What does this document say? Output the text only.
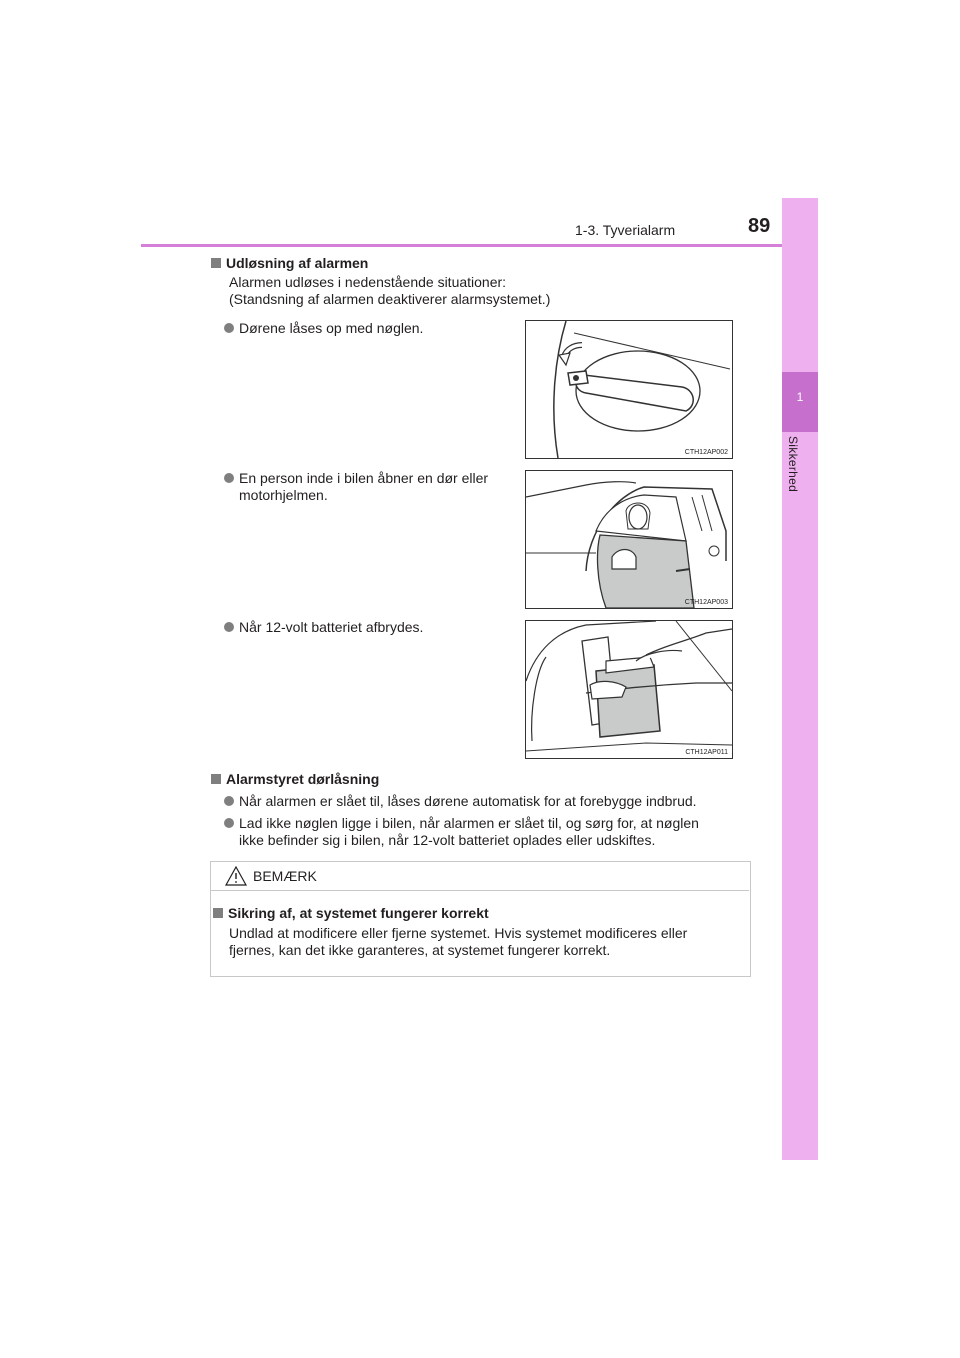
1-3. Tyverialarm	89
1
Sikkerhed
Udløsning af alarmen
Alarmen udløses i nedenstående situationer:
(Standsning af alarmen deaktiverer alarmsystemet.)
Dørene låses op med nøglen.
CTH12AP002
En person inde i bilen åbner en dør eller
motorhjelmen.
CTH12AP003
Når 12-volt batteriet afbrydes.
CTH12AP011
Alarmstyret dørlåsning
Når alarmen er slået til, låses dørene automatisk for at forebygge indbrud.
Lad ikke nøglen ligge i bilen, når alarmen er slået til, og sørg for, at nøglen
ikke befinder sig i bilen, når 12-volt batteriet oplades eller udskiftes.
BEMÆRK
Sikring af, at systemet fungerer korrekt
Undlad at modificere eller fjerne systemet. Hvis systemet modificeres eller
fjernes, kan det ikke garanteres, at systemet fungerer korrekt.
